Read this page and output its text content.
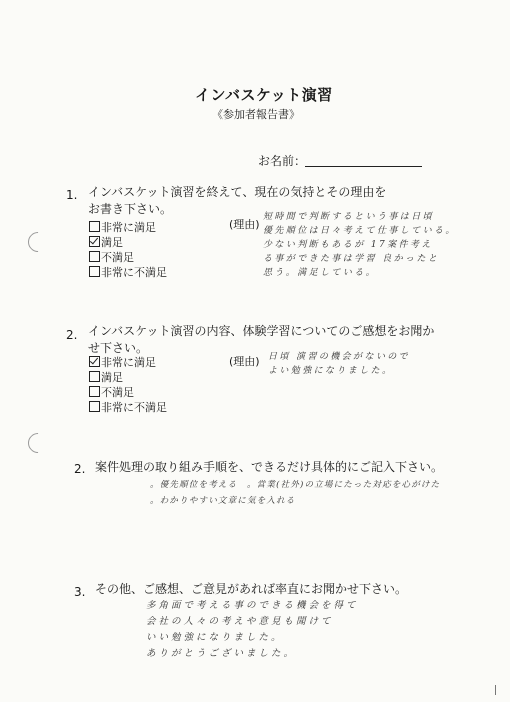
インバスケット演習
《参加者報告書》
お名前：
1. インバスケット演習を終えて、現在の気持とその理由をお書き下さい。
非常に満足
満足
不満足
非常に不満足
(理由)
短時間で判断するという事は日頃
優先順位は日々考えて仕事している。
少ない判断もあるが 17案件考え
る事ができた事は学習 良かったと
思う。満足している。
2. インバスケット演習の内容、体験学習についてのご感想をお聞かせ下さい。
非常に満足
満足
不満足
非常に不満足
(理由) 日頃 演習の機会がないので
よい勉強になりました。
2. 案件処理の取り組み手順を、できるだけ具体的にご記入下さい。
。優先順位を考える　。営業(社外)の立場にたった対応を心がけた
。わかりやすい文章に気を入れる
3. その他、ご感想、ご意見があれば率直にお聞かせ下さい。
多角面で考える事のできる機会を得て
会社の人々の考えや意見も聞けて
いい勉強になりました。
ありがとうございました。
